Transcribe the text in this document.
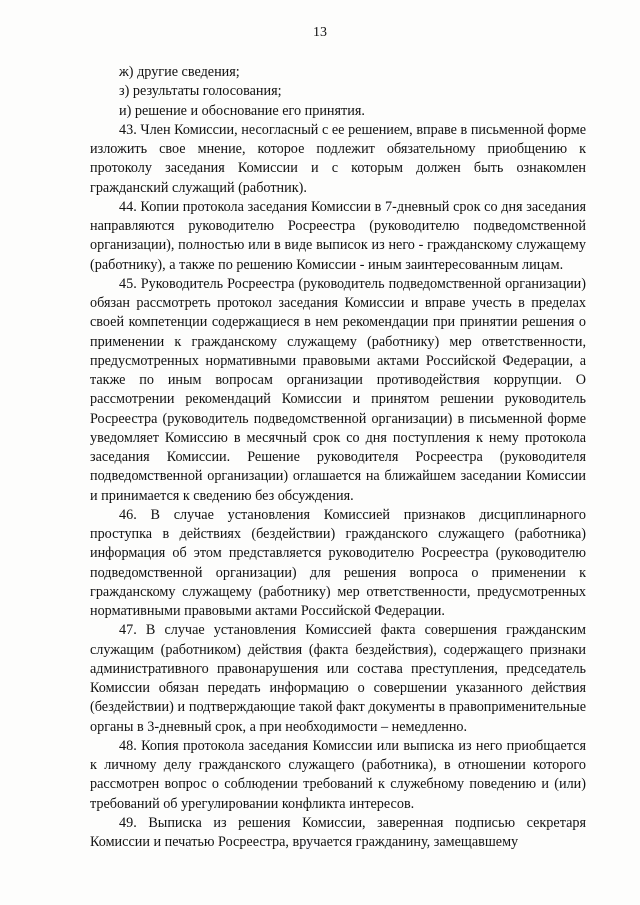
13

ж) другие сведения;

з) результаты голосования;

и) решение и обоснование его принятия.

43. Член Комиссии, несогласный с ее решением, вправе в письменной форме изложить свое мнение, которое подлежит обязательному приобщению к протоколу заседания Комиссии и с которым должен быть ознакомлен гражданский служащий (работник).

44. Копии протокола заседания Комиссии в 7-дневный срок со дня заседания направляются руководителю Росреестра (руководителю подведомственной организации), полностью или в виде выписок из него - гражданскому служащему (работнику), а также по решению Комиссии - иным заинтересованным лицам.

45. Руководитель Росреестра (руководитель подведомственной организации) обязан рассмотреть протокол заседания Комиссии и вправе учесть в пределах своей компетенции содержащиеся в нем рекомендации при принятии решения о применении к гражданскому служащему (работнику) мер ответственности, предусмотренных нормативными правовыми актами Российской Федерации, а также по иным вопросам организации противодействия коррупции. О рассмотрении рекомендаций Комиссии и принятом решении руководитель Росреестра (руководитель подведомственной организации) в письменной форме уведомляет Комиссию в месячный срок со дня поступления к нему протокола заседания Комиссии. Решение руководителя Росреестра (руководителя подведомственной организации) оглашается на ближайшем заседании Комиссии и принимается к сведению без обсуждения.

46. В случае установления Комиссией признаков дисциплинарного проступка в действиях (бездействии) гражданского служащего (работника) информация об этом представляется руководителю Росреестра (руководителю подведомственной организации) для решения вопроса о применении к гражданскому служащему (работнику) мер ответственности, предусмотренных нормативными правовыми актами Российской Федерации.

47. В случае установления Комиссией факта совершения гражданским служащим (работником) действия (факта бездействия), содержащего признаки административного правонарушения или состава преступления, председатель Комиссии обязан передать информацию о совершении указанного действия (бездействии) и подтверждающие такой факт документы в правоприменительные органы в 3-дневный срок, а при необходимости – немедленно.

48. Копия протокола заседания Комиссии или выписка из него приобщается к личному делу гражданского служащего (работника), в отношении которого рассмотрен вопрос о соблюдении требований к служебному поведению и (или) требований об урегулировании конфликта интересов.

49. Выписка из решения Комиссии, заверенная подписью секретаря Комиссии и печатью Росреестра, вручается гражданину, замещавшему
